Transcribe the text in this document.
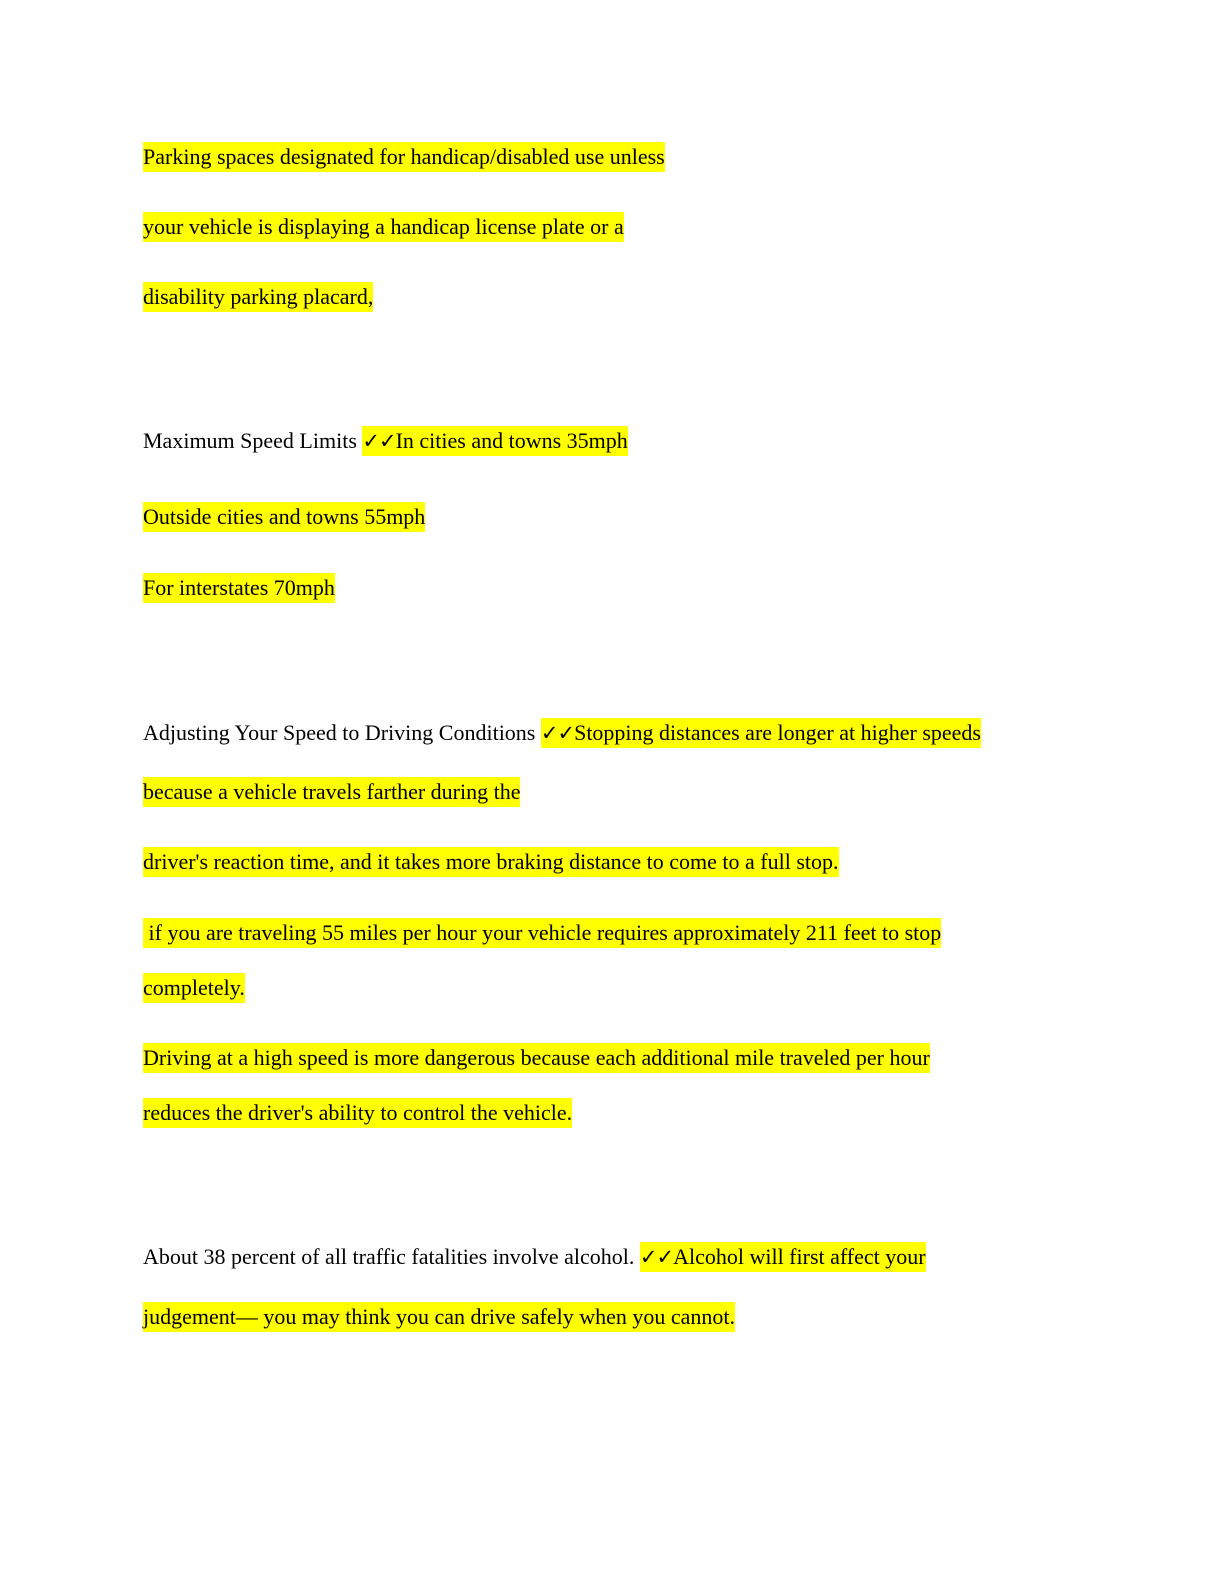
Parking spaces designated for handicap/disabled use unless
your vehicle is displaying a handicap license plate or a
disability parking placard,
Maximum Speed Limits ✓✓In cities and towns 35mph
Outside cities and towns 55mph
For interstates 70mph
Adjusting Your Speed to Driving Conditions ✓✓Stopping distances are longer at higher speeds
because a vehicle travels farther during the
driver's reaction time, and it takes more braking distance to come to a full stop.
if you are traveling 55 miles per hour your vehicle requires approximately 211 feet to stop
completely.
Driving at a high speed is more dangerous because each additional mile traveled per hour
reduces the driver's ability to control the vehicle.
About 38 percent of all traffic fatalities involve alcohol. ✓✓Alcohol will first affect your
judgement— you may think you can drive safely when you cannot.
